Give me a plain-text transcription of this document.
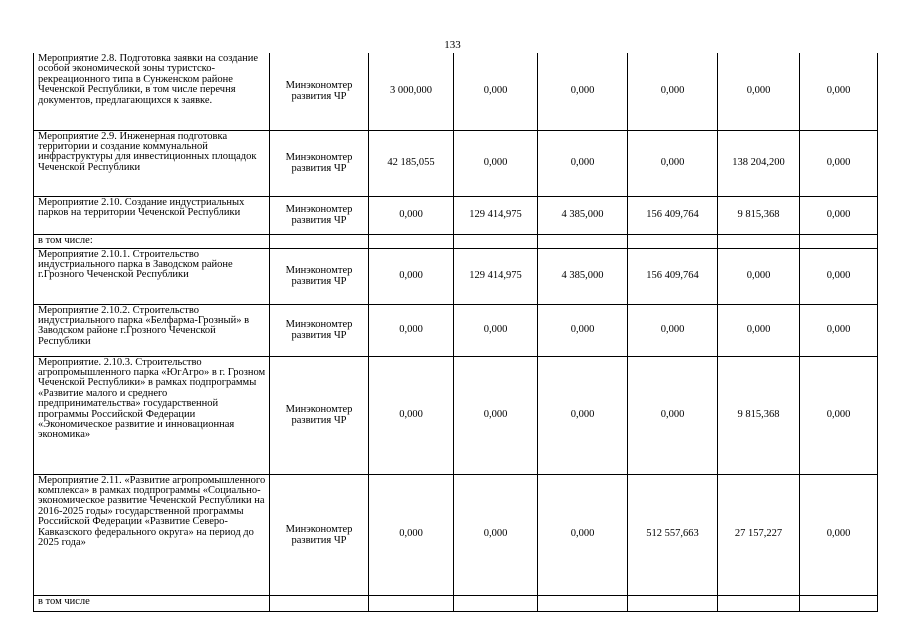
133
Мероприятие 2.8. Подготовка заявки на создание особой экономической зоны туристско-рекреационного типа в Сунженском районе Чеченской Республики, в том числе перечня документов, предлагающихся к заявке.	Минэкономтер развития ЧР	3 000,000	0,000	0,000	0,000	0,000	0,000
Мероприятие 2.9. Инженерная подготовка территории и создание коммунальной инфраструктуры для инвестиционных площадок Чеченской Республики	Минэкономтер развития ЧР	42 185,055	0,000	0,000	0,000	138 204,200	0,000
Мероприятие 2.10. Создание индустриальных парков на территории Чеченской Республики	Минэкономтер развития ЧР	0,000	129 414,975	4 385,000	156 409,764	9 815,368	0,000
в том числе:							
Мероприятие 2.10.1. Строительство индустриального парка в Заводском районе г.Грозного Чеченской Республики	Минэкономтер развития ЧР	0,000	129 414,975	4 385,000	156 409,764	0,000	0,000
Мероприятие 2.10.2. Строительство индустриального парка «Белфарма-Грозный» в Заводском районе г.Грозного Чеченской Республики	Минэкономтер развития ЧР	0,000	0,000	0,000	0,000	0,000	0,000
Мероприятие. 2.10.3. Строительство агропромышленного парка «ЮгАгро» в г. Грозном Чеченской Республики» в рамках подпрограммы «Развитие малого и среднего предпринимательства» государственной программы Российской Федерации «Экономическое развитие и инновационная экономика»	Минэкономтер развития ЧР	0,000	0,000	0,000	0,000	9 815,368	0,000
Мероприятие 2.11. «Развитие агропромышленного комплекса» в рамках подпрограммы «Социально-экономическое развитие Чеченской Республики на 2016-2025 годы» государственной программы Российской Федерации «Развитие Северо-Кавказского федерального округа» на период до 2025 года»	Минэкономтер развития ЧР	0,000	0,000	0,000	512 557,663	27 157,227	0,000
в том числе							
